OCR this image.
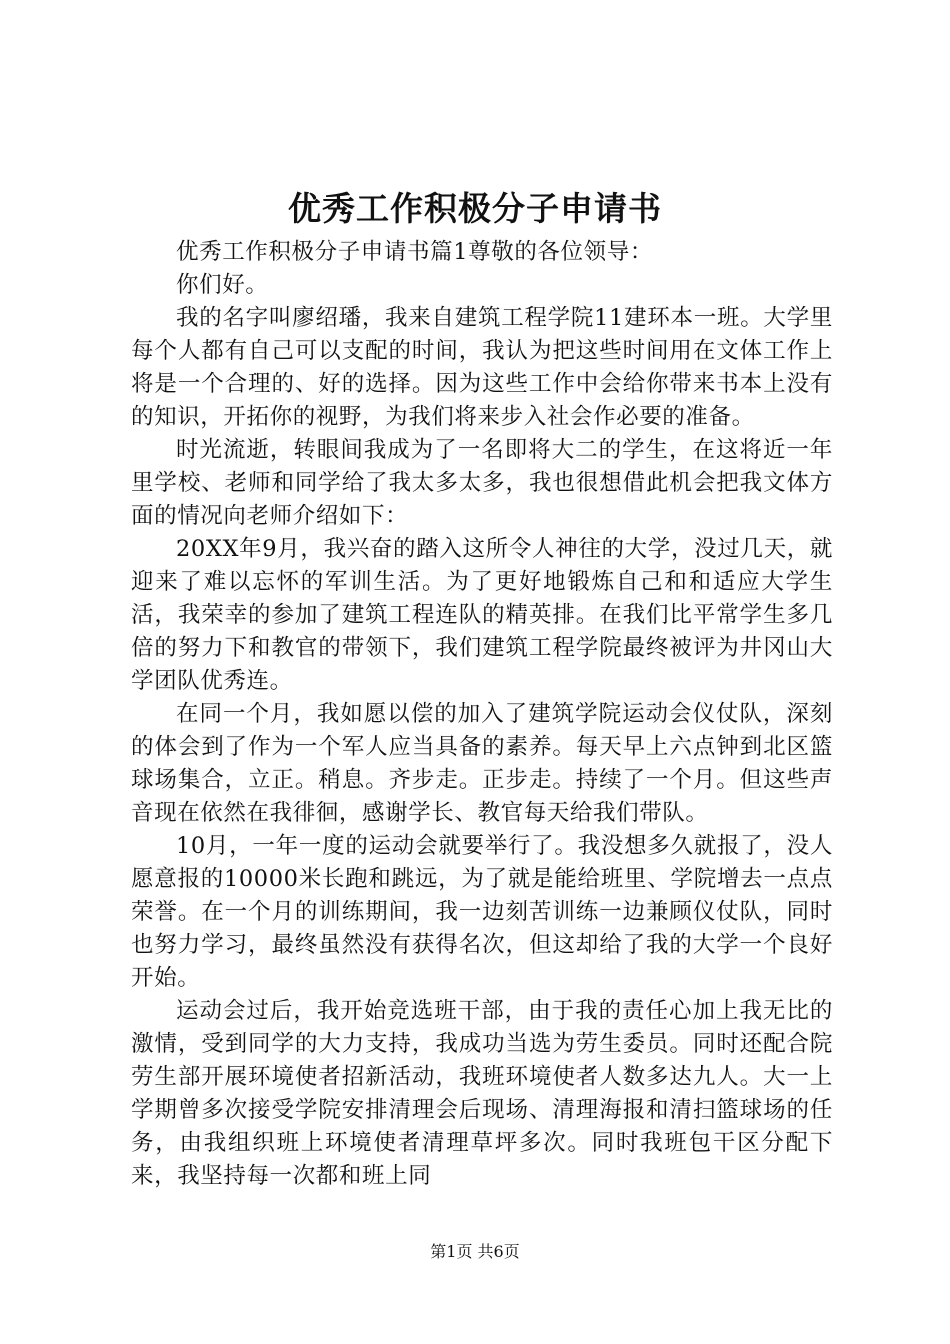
优秀工作积极分子申请书

优秀工作积极分子申请书篇1尊敬的各位领导：

你们好。

我的名字叫廖绍璠，我来自建筑工程学院11建环本一班。大学里每个人都有自己可以支配的时间，我认为把这些时间用在文体工作上将是一个合理的、好的选择。因为这些工作中会给你带来书本上没有的知识，开拓你的视野，为我们将来步入社会作必要的准备。

时光流逝，转眼间我成为了一名即将大二的学生，在这将近一年里学校、老师和同学给了我太多太多，我也很想借此机会把我文体方面的情况向老师介绍如下：

20XX年9月，我兴奋的踏入这所令人神往的大学，没过几天，就迎来了难以忘怀的军训生活。为了更好地锻炼自己和和适应大学生活，我荣幸的参加了建筑工程连队的精英排。在我们比平常学生多几倍的努力下和教官的带领下，我们建筑工程学院最终被评为井冈山大学团队优秀连。

在同一个月，我如愿以偿的加入了建筑学院运动会仪仗队，深刻的体会到了作为一个军人应当具备的素养。每天早上六点钟到北区篮球场集合，立正。稍息。齐步走。正步走。持续了一个月。但这些声音现在依然在我徘徊，感谢学长、教官每天给我们带队。

10月，一年一度的运动会就要举行了。我没想多久就报了，没人愿意报的10000米长跑和跳远，为了就是能给班里、学院增去一点点荣誉。在一个月的训练期间，我一边刻苦训练一边兼顾仪仗队，同时也努力学习，最终虽然没有获得名次，但这却给了我的大学一个良好开始。

运动会过后，我开始竞选班干部，由于我的责任心加上我无比的激情，受到同学的大力支持，我成功当选为劳生委员。同时还配合院劳生部开展环境使者招新活动，我班环境使者人数多达九人。大一上学期曾多次接受学院安排清理会后现场、清理海报和清扫篮球场的任务，由我组织班上环境使者清理草坪多次。同时我班包干区分配下来，我坚持每一次都和班上同

第1页 共6页
